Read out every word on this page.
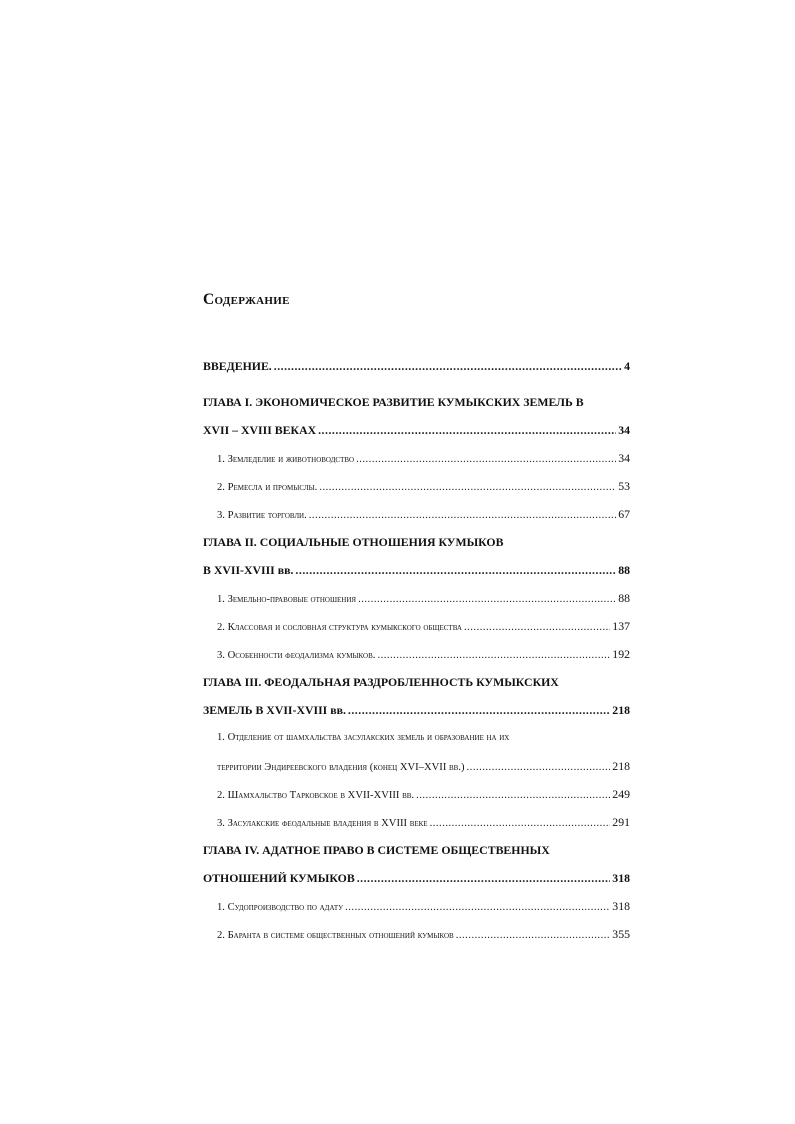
Содержание
ВВЕДЕНИЕ. .....	4
ГЛАВА I. ЭКОНОМИЧЕСКОЕ РАЗВИТИЕ КУМЫКСКИХ ЗЕМЕЛЬ В
XVII – XVIII ВЕКАХ .....	34
1. Земледелие и животноводство .....	34
2. Ремесла и промыслы. .....	53
3. Развитие торговли. .....	67
ГЛАВА II. СОЦИАЛЬНЫЕ ОТНОШЕНИЯ КУМЫКОВ
В XVII-XVIII вв. .....	88
1. Земельно-правовые отношения .....	88
2. Классовая и сословная структура кумыкского общества .....	137
3. Особенности феодализма кумыков. .....	192
ГЛАВА III. ФЕОДАЛЬНАЯ РАЗДРОБЛЕННОСТЬ КУМЫКСКИХ
ЗЕМЕЛЬ В XVII-XVIII вв. .....	218
1. Отделение от шамхальства засулакских земель и образование на их
территории Эндиреевского владения (конец XVI–XVII вв.) .....	218
2. Шамхальство Тарковское в XVII-XVIII вв. .....	249
3. Засулакские феодальные владения в XVIII веке .....	291
ГЛАВА IV. АДАТНОЕ ПРАВО В СИСТЕМЕ ОБЩЕСТВЕННЫХ
ОТНОШЕНИЙ КУМЫКОВ .....	318
1. Судопроизводство по адату .....	318
2. Баранта в системе общественных отношений кумыков .....	355
